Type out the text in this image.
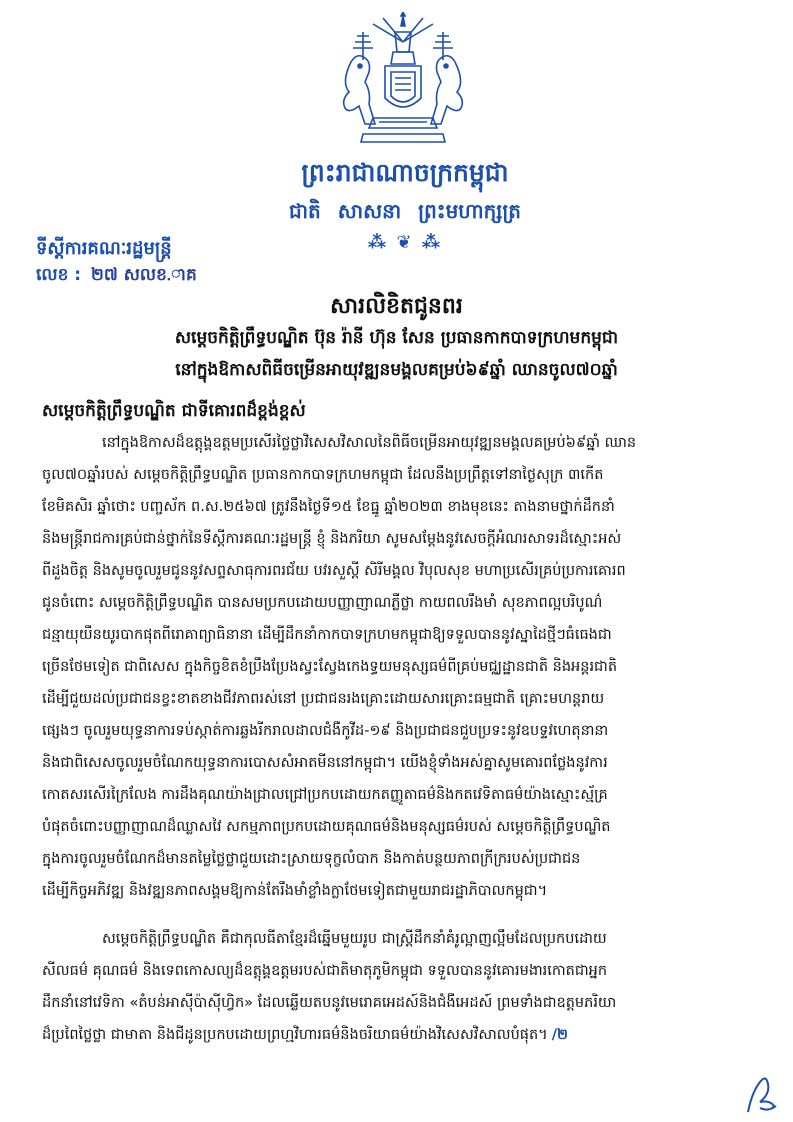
ព្រះរាជាណាចក្រកម្ពុជា
ជាតិ សាសនា ព្រះមហាក្សត្រ
⁂ ❦ ⁂
ទីស្តីការគណៈរដ្ឋមន្ត្រី
លេខ : ២៧ សលខ.ាគ
សារលិខិតជូនពរ
សម្តេចកិត្តិព្រឹទ្ធបណ្ឌិត ប៊ុន រ៉ានី ហ៊ុន សែន ប្រធានកាកបាទក្រហមកម្ពុជា
នៅក្នុងឱកាសពិធីចម្រើនអាយុវឌ្ឍនមង្គលគម្រប់៦៩ឆ្នាំ ឈានចូល៧០ឆ្នាំ
សម្តេចកិត្តិព្រឹទ្ធបណ្ឌិត ជាទីគោរពដ៏ខ្ពង់ខ្ពស់
នៅក្នុងឱកាសដ៏ឧត្តុង្គឧត្តមប្រសើរថ្លៃថ្លាវិសេសវិសាលនៃពិធីចម្រើនអាយុវឌ្ឍនមង្គលគម្រប់៦៩ឆ្នាំ ឈាន
ចូល៧០ឆ្នាំរបស់ សម្តេចកិត្តិព្រឹទ្ធបណ្ឌិត ប្រធានកាកបាទក្រហមកម្ពុជា ដែលនឹងប្រព្រឹត្តទៅនាថ្ងៃសុក្រ ៣កើត
ខែមិគសិរ ឆ្នាំថោះ បញ្ចស័ក ព.ស.២៥៦៧ ត្រូវនឹងថ្ងៃទី១៥ ខែធ្នូ ឆ្នាំ២០២៣ ខាងមុខនេះ តាងនាមថ្នាក់ដឹកនាំ
និងមន្ត្រីរាជការគ្រប់ជាន់ថ្នាក់នៃទីស្តីការគណៈរដ្ឋមន្ត្រី ខ្ញុំ និងភរិយា សូមសម្តែងនូវសេចក្តីអំណរសាទរដ៏ស្មោះអស់
ពីដួងចិត្ត និងសូមចូលរួមជូននូវសព្ទសាធុការពរជ័យ បវរសួស្តី សិរីមង្គល វិបុលសុខ មហាប្រសើរគ្រប់ប្រការគោរព
ជូនចំពោះ សម្តេចកិត្តិព្រឹទ្ធបណ្ឌិត បានសមប្រកបដោយបញ្ញាញាណភ្លឺថ្លា កាយពលរឹងមាំ សុខភាពល្អបរិបូណ៌
ជន្មាយុយឺនយូរបាកផុតពីរោគាព្យាធិនានា ដើម្បីដឹកនាំកាកបាទក្រហមកម្ពុជាឱ្យទទួលបាននូវស្នាដៃថ្មីៗធំធេងជា
ច្រើនថែមទៀត ជាពិសេស ក្នុងកិច្ចខិតខំប្រឹងប្រែងស្វះស្វែងកេងទ្ធយមនុស្សធម៌ពីគ្រប់មជ្ឈដ្ឋានជាតិ និងអន្តរជាតិ
ដើម្បីជួយដល់ប្រជាជនខ្វះខាតខាងជីវភាពរស់នៅ ប្រជាជនរងគ្រោះដោយសារគ្រោះធម្មជាតិ គ្រោះមហន្តរាយ
ផ្សេងៗ ចូលរួមយុទ្ធនាការទប់ស្កាត់ការឆ្លងរីករាលដាលជំងឺកូវីដ-១៩ និងប្រជាជនជួបប្រទះនូវឧបទ្ទវហេតុនានា
និងជាពិសេសចូលរួមចំណែកយុទ្ធនាការបោសសំអាតមីននៅកម្ពុជា។ យើងខ្ញុំទាំងអស់គ្នាសូមគោរពថ្លែងនូវការ
កោតសរសើរក្រៃលែង ការដឹងគុណយ៉ាងជ្រាលជ្រៅប្រកបដោយកតញ្ញូតាធម៌និងកតវេទិតាធម៌យ៉ាងស្មោះស្ម័គ្រ
បំផុតចំពោះបញ្ញាញាណដ៏ឈ្លាសវៃ សកម្មភាពប្រកបដោយគុណធម៌និងមនុស្សធម៌របស់ សម្តេចកិត្តិព្រឹទ្ធបណ្ឌិត
ក្នុងការចូលរួមចំណែកដ៏មានតម្លៃថ្លៃថ្លាជួយដោះស្រាយទុក្ខលំបាក និងកាត់បន្ថយភាពក្រីក្ររបស់ប្រជាជន
ដើម្បីកិច្ចអភិវឌ្ឍ និងវឌ្ឍនភាពសង្គមឱ្យកាន់តែរឹងមាំខ្លាំងក្លាថែមទៀតជាមួយរាជរដ្ឋាភិបាលកម្ពុជា។
សម្តេចកិត្តិព្រឹទ្ធបណ្ឌិត គឺជាកុលធីតាខ្មែរដ៏ឆ្នើមមួយរូប ជាស្ត្រីដឹកនាំគំរូល្អាញល្អឹមដែលប្រកបដោយ
សីលធម៌ គុណធម៌ និងទេពកោសល្យដ៏ឧត្តុង្គឧត្តមរបស់ជាតិមាតុភូមិកម្ពុជា ទទួលបាននូវគោរមងារកោតជាអ្នក
ដឹកនាំនៅវេទិកា «តំបន់អាស៊ីប៉ាស៊ីហ្វិក» ដែលឆ្លើយតបនូវមេរោគអេដស៍និងជំងឺអេដស៍ ព្រមទាំងជាឧត្តមភរិយា
ដ៏ប្រពៃថ្លៃថ្លា ជាមាតា និងជីដូនប្រកបដោយព្រហ្មវិហារធម៌និងចរិយាធម៌យ៉ាងវិសេសវិសាលបំផុត។ /២
